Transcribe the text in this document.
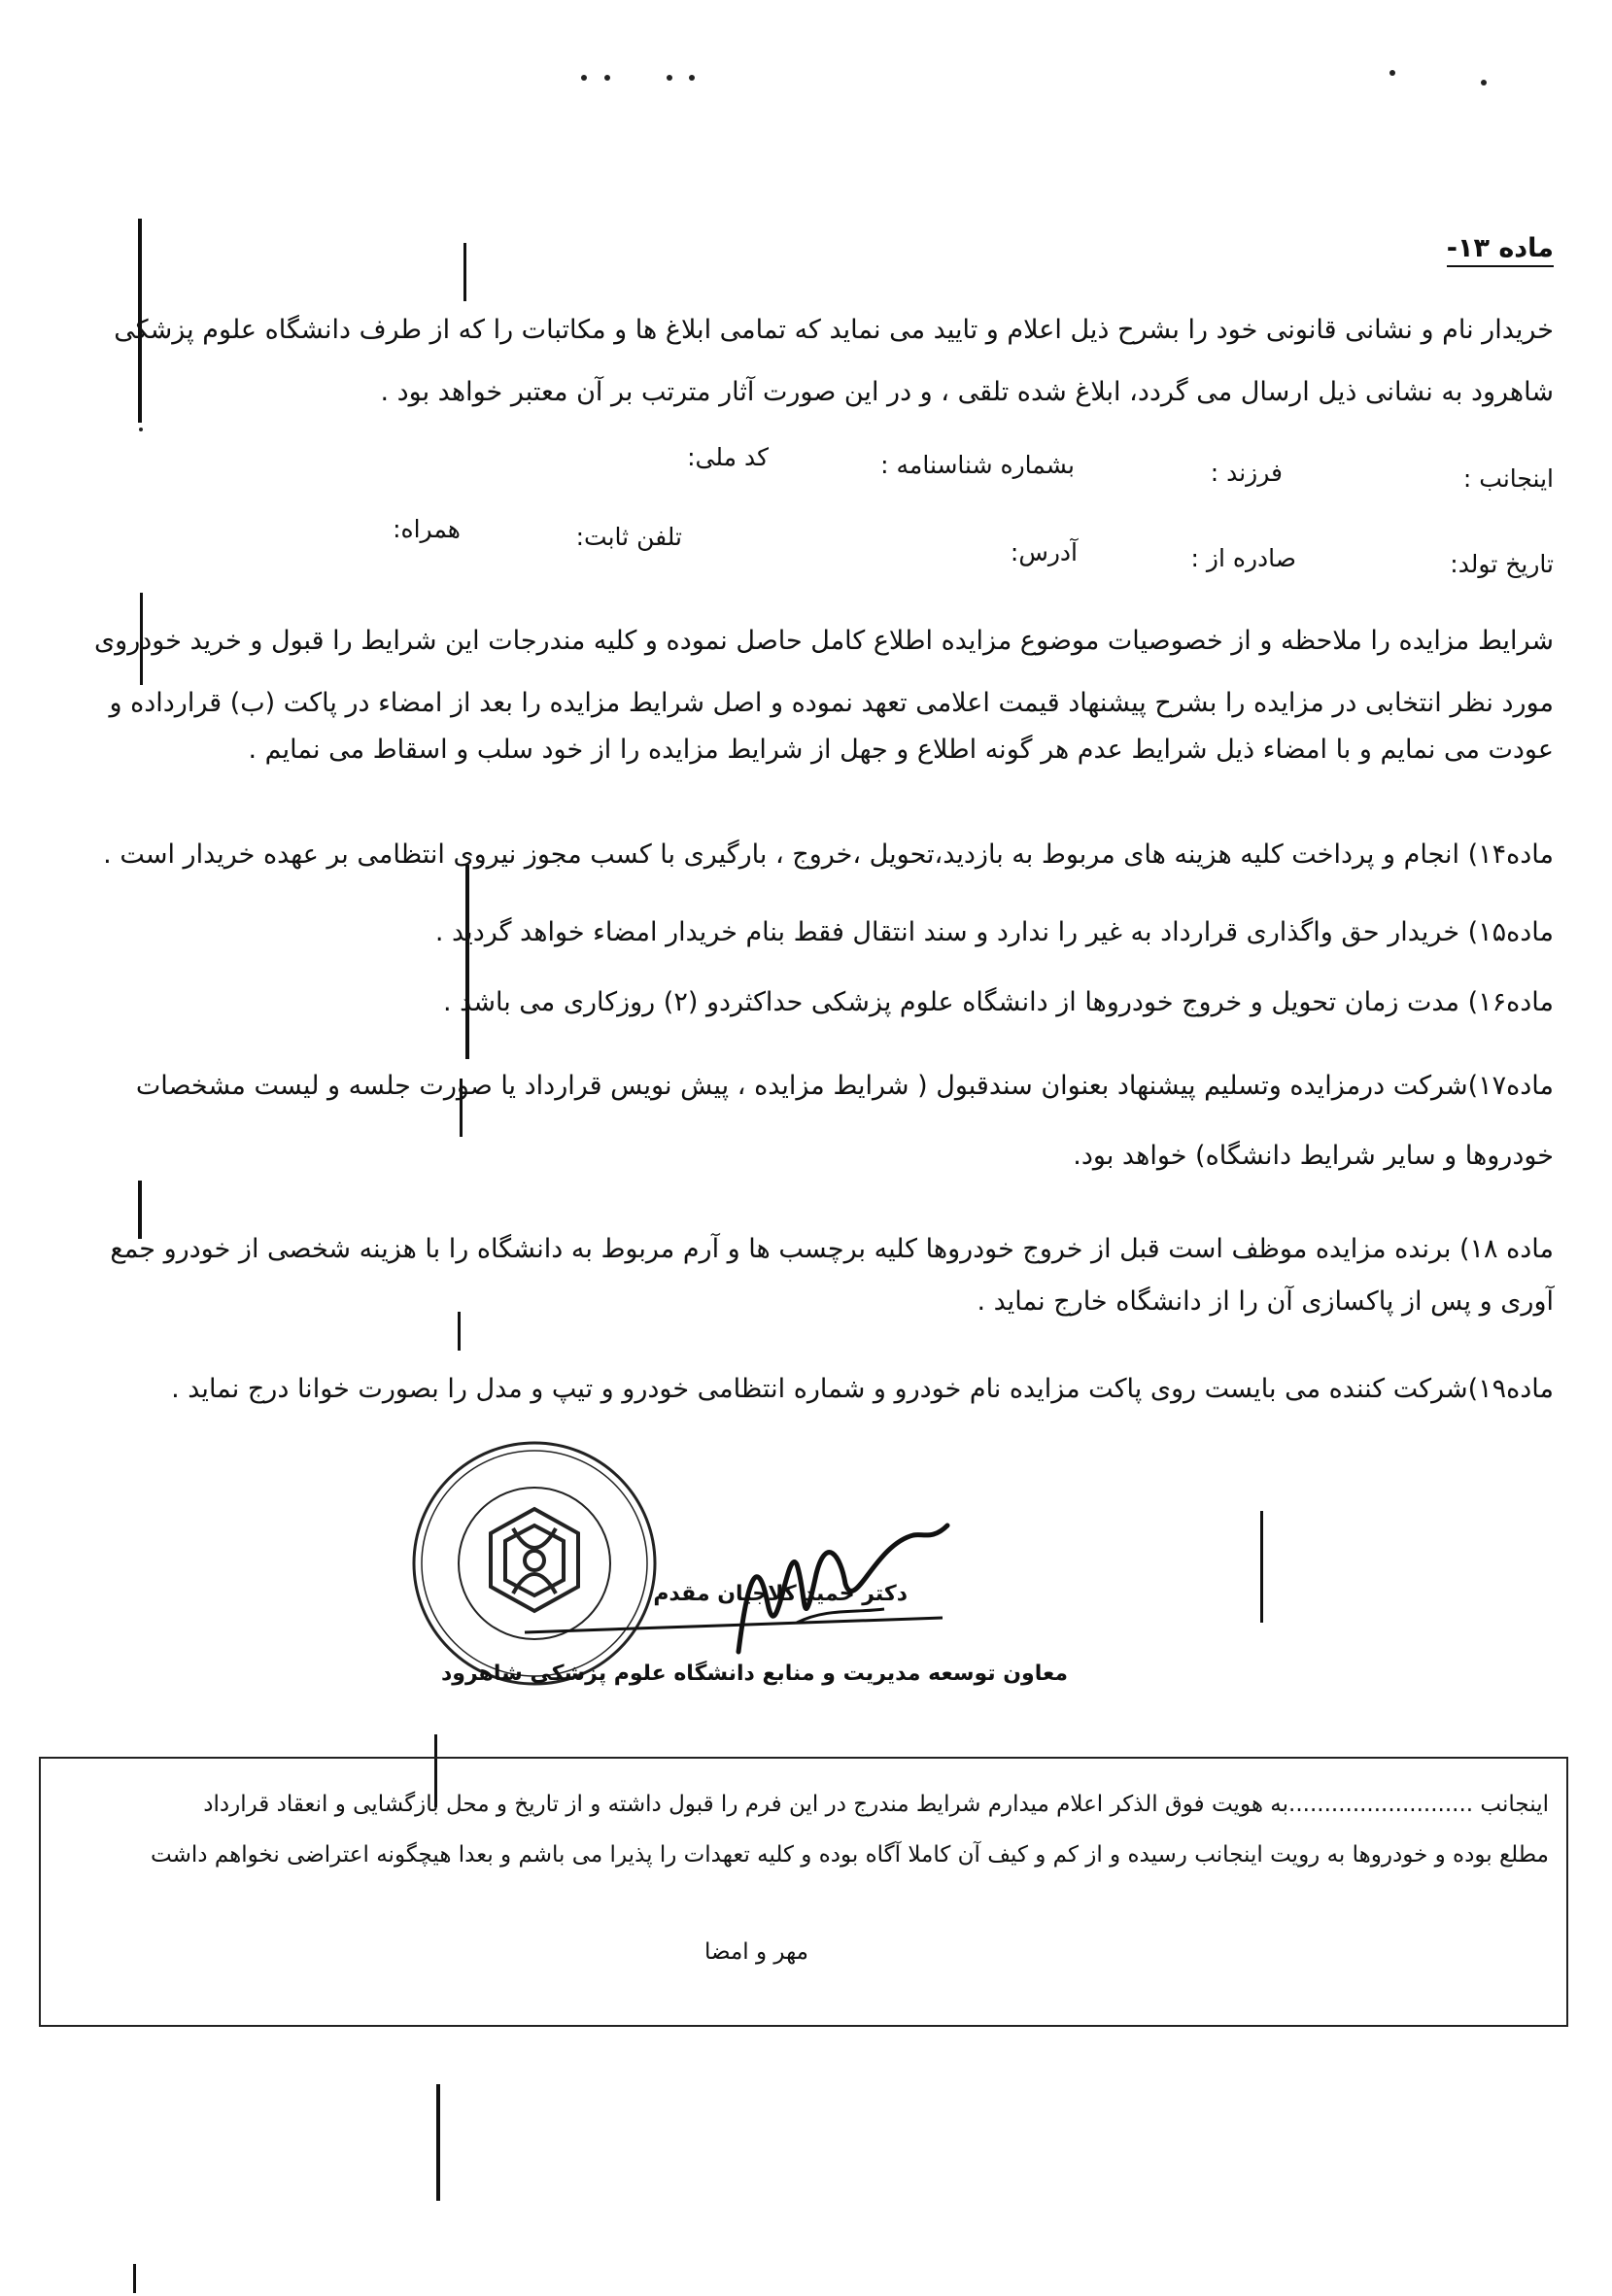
ماده ۱۳-
خریدار نام و نشانی قانونی خود را بشرح ذیل اعلام و تایید می نماید که تمامی ابلاغ ها و مکاتبات را که از طرف دانشگاه علوم پزشکی
شاهرود به نشانی ذیل ارسال می گردد، ابلاغ شده تلقی ، و در این صورت آثار مترتب بر آن معتبر خواهد بود .
اینجانب :
فرزند :
بشماره شناسنامه :
کد ملی:
تاریخ تولد:
صادره از :
آدرس:
تلفن ثابت:
همراه:
شرایط مزایده را ملاحظه و از خصوصیات موضوع مزایده اطلاع کامل حاصل نموده و کلیه مندرجات این شرایط را قبول و خرید خودروی
مورد نظر انتخابی در مزایده را بشرح پیشنهاد قیمت اعلامی تعهد نموده و اصل شرایط مزایده را بعد از امضاء در پاکت (ب) قرارداده و
عودت می نمایم و با امضاء ذیل شرایط عدم هر گونه اطلاع و جهل از شرایط مزایده را از خود سلب و اسقاط می نمایم .
ماده۱۴) انجام و پرداخت کلیه هزینه های مربوط به بازدید،تحویل ،خروج ، بارگیری با کسب مجوز نیروی انتظامی بر عهده خریدار است .
ماده۱۵) خریدار حق واگذاری قرارداد به غیر را ندارد و سند انتقال فقط بنام خریدار امضاء خواهد گردید .
ماده۱۶) مدت زمان تحویل و خروج خودروها از دانشگاه علوم پزشکی حداکثردو (۲) روزکاری می باشد .
ماده۱۷)شرکت درمزایده وتسلیم پیشنهاد بعنوان سندقبول ( شرایط مزایده ، پیش نویس قرارداد یا صورت جلسه و لیست مشخصات
خودروها و سایر شرایط دانشگاه) خواهد بود.
ماده ۱۸) برنده مزایده موظف است قبل از خروج خودروها کلیه برچسب ها و آرم مربوط به دانشگاه را با هزینه شخصی از خودرو جمع
آوری و پس از پاکسازی آن را از دانشگاه خارج نماید .
ماده۱۹)شرکت کننده می بایست روی پاکت مزایده نام خودرو و شماره انتظامی خودرو و تیپ و مدل را بصورت خوانا درج نماید .
دکتر حمید کلاجیان مقدم
معاون توسعه مدیریت و منابع دانشگاه علوم پزشکی شاهرود
اینجانب ..........................به هویت فوق الذکر اعلام میدارم شرایط مندرج در این فرم را قبول داشته و از تاریخ و محل بازگشایی و انعقاد قرارداد
مطلع بوده و خودروها به رویت اینجانب رسیده و از کم و کیف آن کاملا آگاه بوده و کلیه تعهدات را پذیرا می باشم و بعدا هیچگونه اعتراضی نخواهم داشت
مهر و امضا
